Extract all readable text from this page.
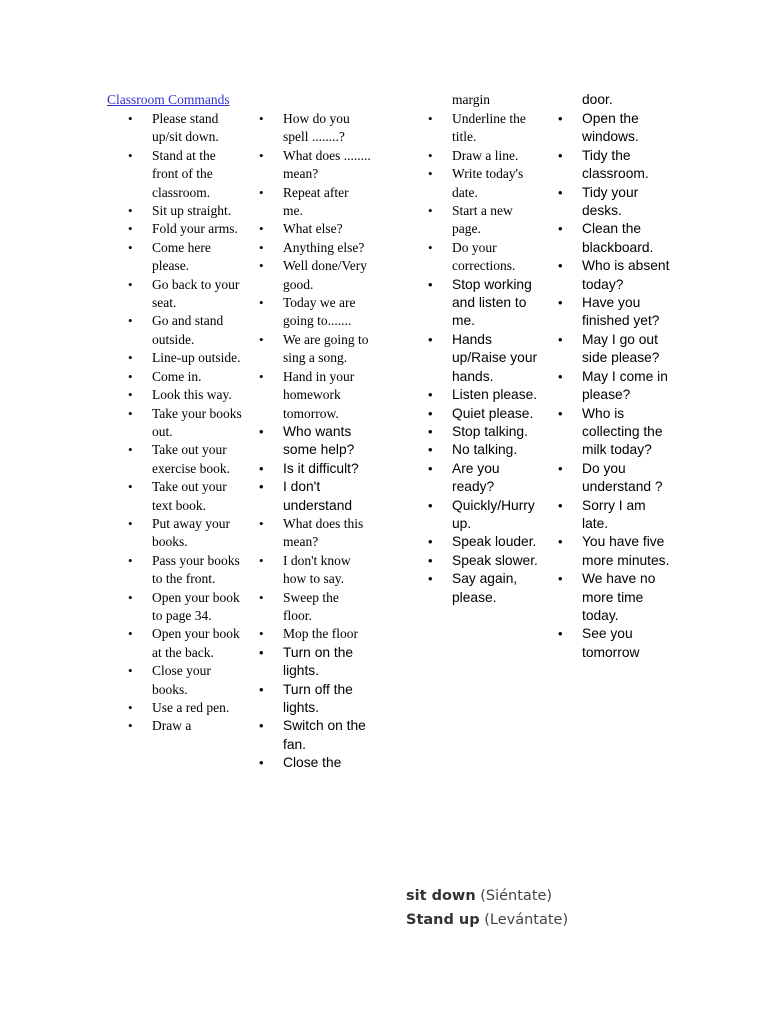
Classroom Commands
• Please stand up/sit down.
• Stand at the front of the classroom.
• Sit up straight.
• Fold your arms.
• Come here please.
• Go back to your seat.
• Go and stand outside.
• Line-up outside.
• Come in.
• Look this way.
• Take your books out.
• Take out your exercise book.
• Take out your text book.
• Put away your books.
• Pass your books to the front.
• Open your book to page 34.
• Open your book at the back.
• Close your books.
• Use a red pen.
• Draw a
• How do you spell ........?
• What does ........ mean?
• Repeat after me.
• What else?
• Anything else?
• Well done/Very good.
• Today we are going to.......
• We are going to sing a song.
• Hand in your homework tomorrow.
• Who wants some help?
• Is it difficult?
• I don't understand
• What does this mean?
• I don't know how to say.
• Sweep the floor.
• Mop the floor
• Turn on the lights.
• Turn off the lights.
• Switch on the fan.
• Close the
margin
• Underline the title.
• Draw a line.
• Write today's date.
• Start a new page.
• Do your corrections.
• Stop working and listen to me.
• Hands up/Raise your hands.
• Listen please.
• Quiet please.
• Stop talking.
• No talking.
• Are you ready?
• Quickly/Hurry up.
• Speak louder.
• Speak slower.
• Say again, please.
door.
• Open the windows.
• Tidy the classroom.
• Tidy your desks.
• Clean the blackboard.
• Who is absent today?
• Have you finished yet?
• May I go out side please?
• May I come in please?
• Who is collecting the milk today?
• Do you understand ?
• Sorry I am late.
• You have five more minutes.
• We have no more time today.
• See you tomorrow
sit down (Siéntate)
Stand up (Levántate)
